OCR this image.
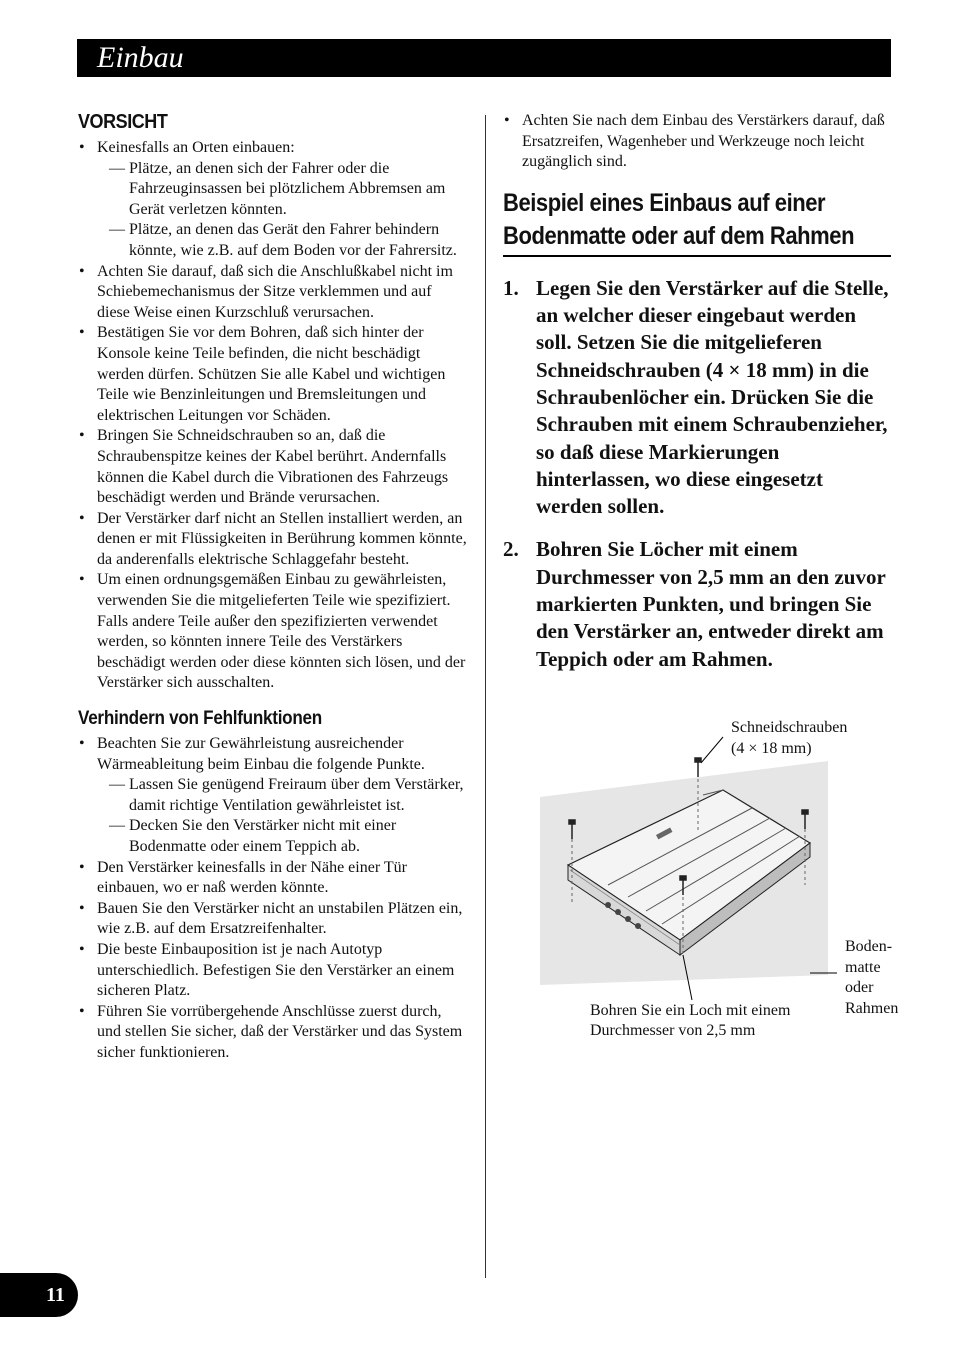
Einbau
VORSICHT
• Keinesfalls an Orten einbauen:
— Plätze, an denen sich der Fahrer oder die Fahrzeuginsassen bei plötzlichem Abbremsen am Gerät verletzen könnten.
— Plätze, an denen das Gerät den Fahrer behindern könnte, wie z.B. auf dem Boden vor der Fahrersitz.
• Achten Sie darauf, daß sich die Anschlußkabel nicht im Schiebemechanismus der Sitze verklemmen und auf diese Weise einen Kurzschluß verursachen.
• Bestätigen Sie vor dem Bohren, daß sich hinter der Konsole keine Teile befinden, die nicht beschädigt werden dürfen. Schützen Sie alle Kabel und wichtigen Teile wie Benzinleitungen und Bremsleitungen und elektrischen Leitungen vor Schäden.
• Bringen Sie Schneidschrauben so an, daß die Schraubenspitze keines der Kabel berührt. Andernfalls können die Kabel durch die Vibrationen des Fahrzeugs beschädigt werden und Brände verursachen.
• Der Verstärker darf nicht an Stellen installiert werden, an denen er mit Flüssigkeiten in Berührung kommen könnte, da anderenfalls elektrische Schlaggefahr besteht.
• Um einen ordnungsgemäßen Einbau zu gewährleisten, verwenden Sie die mitgelieferten Teile wie spezifiziert. Falls andere Teile außer den spezifizierten verwendet werden, so könnten innere Teile des Verstärkers beschädigt werden oder diese könnten sich lösen, und der Verstärker sich ausschalten.
Verhindern von Fehlfunktionen
• Beachten Sie zur Gewährleistung ausreichender Wärmeableitung beim Einbau die folgende Punkte.
— Lassen Sie genügend Freiraum über dem Verstärker, damit richtige Ventilation gewährleistet ist.
— Decken Sie den Verstärker nicht mit einer Bodenmatte oder einem Teppich ab.
• Den Verstärker keinesfalls in der Nähe einer Tür einbauen, wo er naß werden könnte.
• Bauen Sie den Verstärker nicht an unstabilen Plätzen ein, wie z.B. auf dem Ersatzreifenhalter.
• Die beste Einbauposition ist je nach Autotyp unterschiedlich. Befestigen Sie den Verstärker an einem sicheren Platz.
• Führen Sie vorrübergehende Anschlüsse zuerst durch, und stellen Sie sicher, daß der Verstärker und das System sicher funktionieren.
• Achten Sie nach dem Einbau des Verstärkers darauf, daß Ersatzreifen, Wagenheber und Werkzeuge noch leicht zugänglich sind.
Beispiel eines Einbaus auf einer Bodenmatte oder auf dem Rahmen
1. Legen Sie den Verstärker auf die Stelle, an welcher dieser eingebaut werden soll. Setzen Sie die mitgelieferen Schneidschrauben (4 × 18 mm) in die Schraubenlöcher ein. Drücken Sie die Schrauben mit einem Schraubenzieher, so daß diese Markierungen hinterlassen, wo diese eingesetzt werden sollen.
2. Bohren Sie Löcher mit einem Durchmesser von 2,5 mm an den zuvor markierten Punkten, und bringen Sie den Verstärker an, entweder direkt am Teppich oder am Rahmen.
Schneidschrauben
(4 × 18 mm)
Bohren Sie ein Loch mit einem
Durchmesser von 2,5 mm
Boden-
matte
oder
Rahmen
11
